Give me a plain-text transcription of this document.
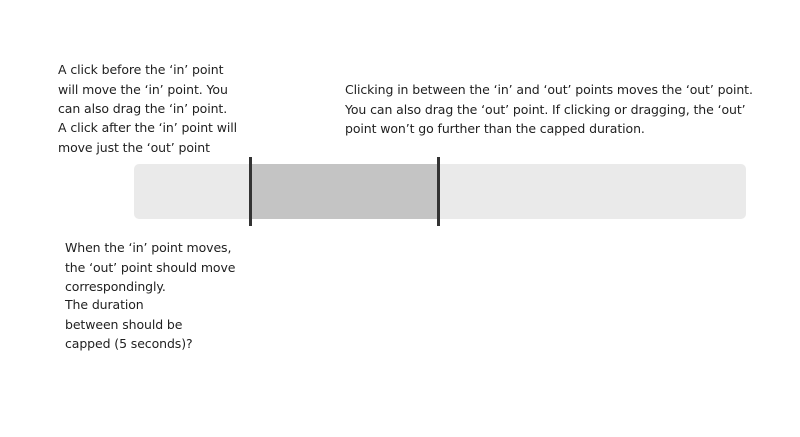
A click before the ‘in’ point
will move the ‘in’ point. You
can also drag the ‘in’ point.

A click after the ‘in’ point will
move just the ‘out’ point

Clicking in between the ‘in’ and ‘out’ points moves the ‘out’ point.
You can also drag the ‘out’ point. If clicking or dragging, the ‘out’
point won’t go further than the capped duration.

When the ‘in’ point moves,
the ‘out’ point should move
correspondingly.

The duration
between should be
capped (5 seconds)?
